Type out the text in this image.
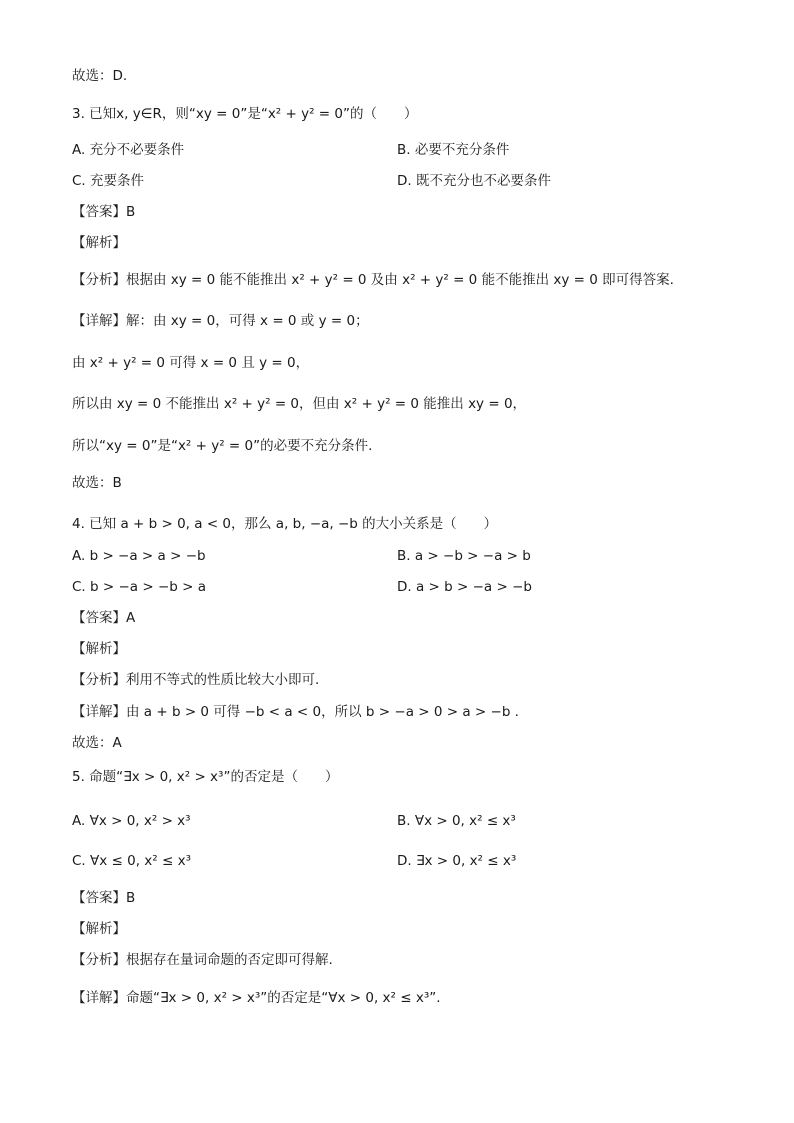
故选：D.
3. 已知x, y∈R，则“xy = 0”是“x² + y² = 0”的（　　）
A. 充分不必要条件	B. 必要不充分条件
C. 充要条件	D. 既不充分也不必要条件
【答案】B
【解析】
【分析】根据由 xy = 0 能不能推出 x² + y² = 0 及由 x² + y² = 0 能不能推出 xy = 0 即可得答案.
【详解】解：由 xy = 0，可得 x = 0 或 y = 0；
由 x² + y² = 0 可得 x = 0 且 y = 0，
所以由 xy = 0 不能推出 x² + y² = 0，但由 x² + y² = 0 能推出 xy = 0，
所以“xy = 0”是“x² + y² = 0”的必要不充分条件.
故选：B
4. 已知 a + b > 0, a < 0，那么 a, b, −a, −b 的大小关系是（　　）
A. b > −a > a > −b	B. a > −b > −a > b
C. b > −a > −b > a	D. a > b > −a > −b
【答案】A
【解析】
【分析】利用不等式的性质比较大小即可.
【详解】由 a + b > 0 可得 −b < a < 0，所以 b > −a > 0 > a > −b .
故选：A
5. 命题“∃x > 0, x² > x³”的否定是（　　）
A. ∀x > 0, x² > x³	B. ∀x > 0, x² ≤ x³
C. ∀x ≤ 0, x² ≤ x³	D. ∃x > 0, x² ≤ x³
【答案】B
【解析】
【分析】根据存在量词命题的否定即可得解.
【详解】命题“∃x > 0, x² > x³”的否定是“∀x > 0, x² ≤ x³”.
